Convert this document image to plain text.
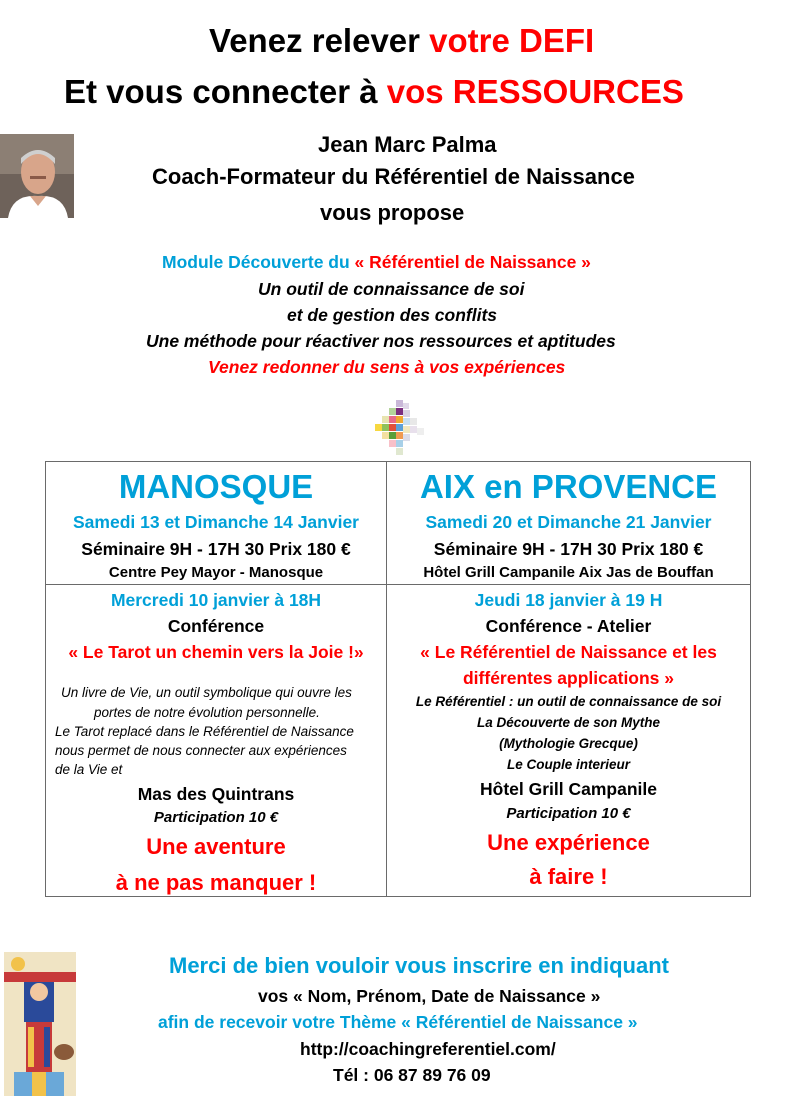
Venez relever votre DEFI
Et vous connecter à vos RESSOURCES
Jean Marc Palma
Coach-Formateur du Référentiel de Naissance
vous propose
Module Découverte du « Référentiel de Naissance »
Un outil de connaissance de soi
et de gestion des conflits
Une méthode pour réactiver nos ressources et aptitudes
Venez redonner du sens à vos expériences
MANOSQUE
Samedi 13 et Dimanche 14 Janvier
Séminaire 9H - 17H 30 Prix 180 €
Centre Pey Mayor - Manosque
Mercredi 10 janvier à 18H
Conférence
« Le Tarot un chemin vers la Joie !»
Un livre de Vie, un outil symbolique qui ouvre les
portes de notre évolution personnelle.
Le Tarot replacé dans le Référentiel de Naissance
nous permet de nous connecter aux expériences
de la Vie et
Mas des Quintrans
Participation 10 €
Une aventure
à ne pas manquer !
AIX en PROVENCE
Samedi 20 et Dimanche 21 Janvier
Séminaire 9H - 17H 30 Prix 180 €
Hôtel Grill Campanile Aix Jas de Bouffan
Jeudi 18 janvier à 19 H
Conférence - Atelier
« Le Référentiel de Naissance et les
différentes applications »
Le Référentiel : un outil de connaissance de soi
La Découverte de son Mythe
(Mythologie Grecque)
Le Couple interieur
Hôtel Grill Campanile
Participation 10 €
Une expérience
à faire !
Merci de bien vouloir vous inscrire en indiquant
vos « Nom, Prénom, Date de Naissance »
afin de recevoir votre Thème « Référentiel de Naissance »
http://coachingreferentiel.com/
Tél : 06 87 89 76 09
